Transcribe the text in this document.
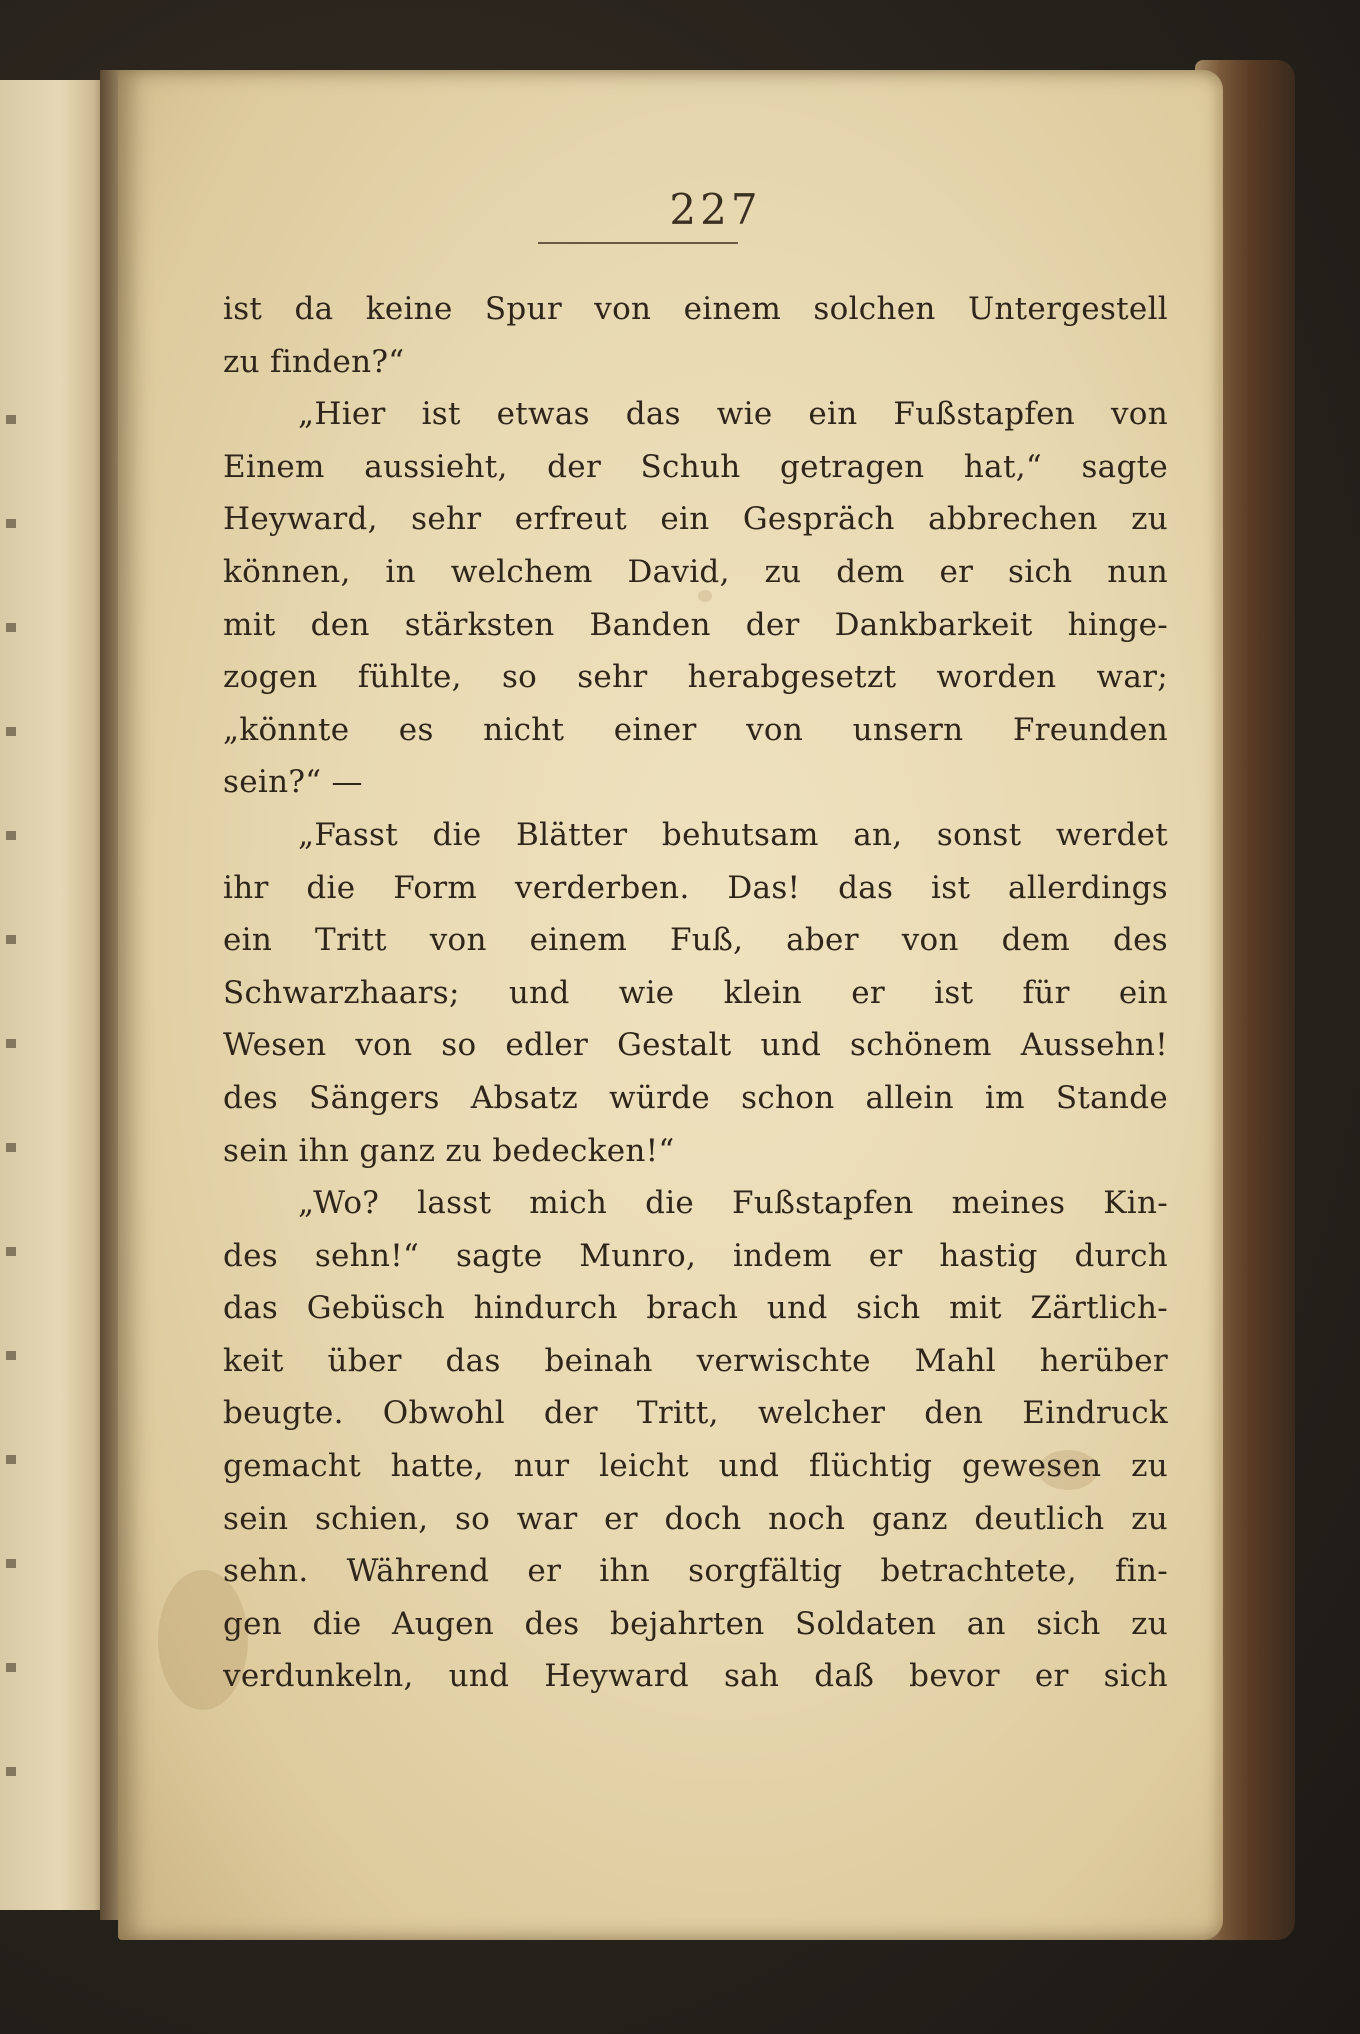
227
ist da keine Spur von einem solchen Untergestell
zu finden?“
„Hier ist etwas das wie ein Fußstapfen von
Einem aussieht, der Schuh getragen hat,“ sagte
Heyward, sehr erfreut ein Gespräch abbrechen zu
können, in welchem David, zu dem er sich nun
mit den stärksten Banden der Dankbarkeit hinge-
zogen fühlte, so sehr herabgesetzt worden war;
„könnte es nicht einer von unsern Freunden
sein?“ —
„Fasst die Blätter behutsam an, sonst werdet
ihr die Form verderben. Das! das ist allerdings
ein Tritt von einem Fuß, aber von dem des
Schwarzhaars; und wie klein er ist für ein
Wesen von so edler Gestalt und schönem Aussehn!
des Sängers Absatz würde schon allein im Stande
sein ihn ganz zu bedecken!“
„Wo? lasst mich die Fußstapfen meines Kin-
des sehn!“ sagte Munro, indem er hastig durch
das Gebüsch hindurch brach und sich mit Zärtlich-
keit über das beinah verwischte Mahl herüber
beugte. Obwohl der Tritt, welcher den Eindruck
gemacht hatte, nur leicht und flüchtig gewesen zu
sein schien, so war er doch noch ganz deutlich zu
sehn. Während er ihn sorgfältig betrachtete, fin-
gen die Augen des bejahrten Soldaten an sich zu
verdunkeln, und Heyward sah daß bevor er sich
